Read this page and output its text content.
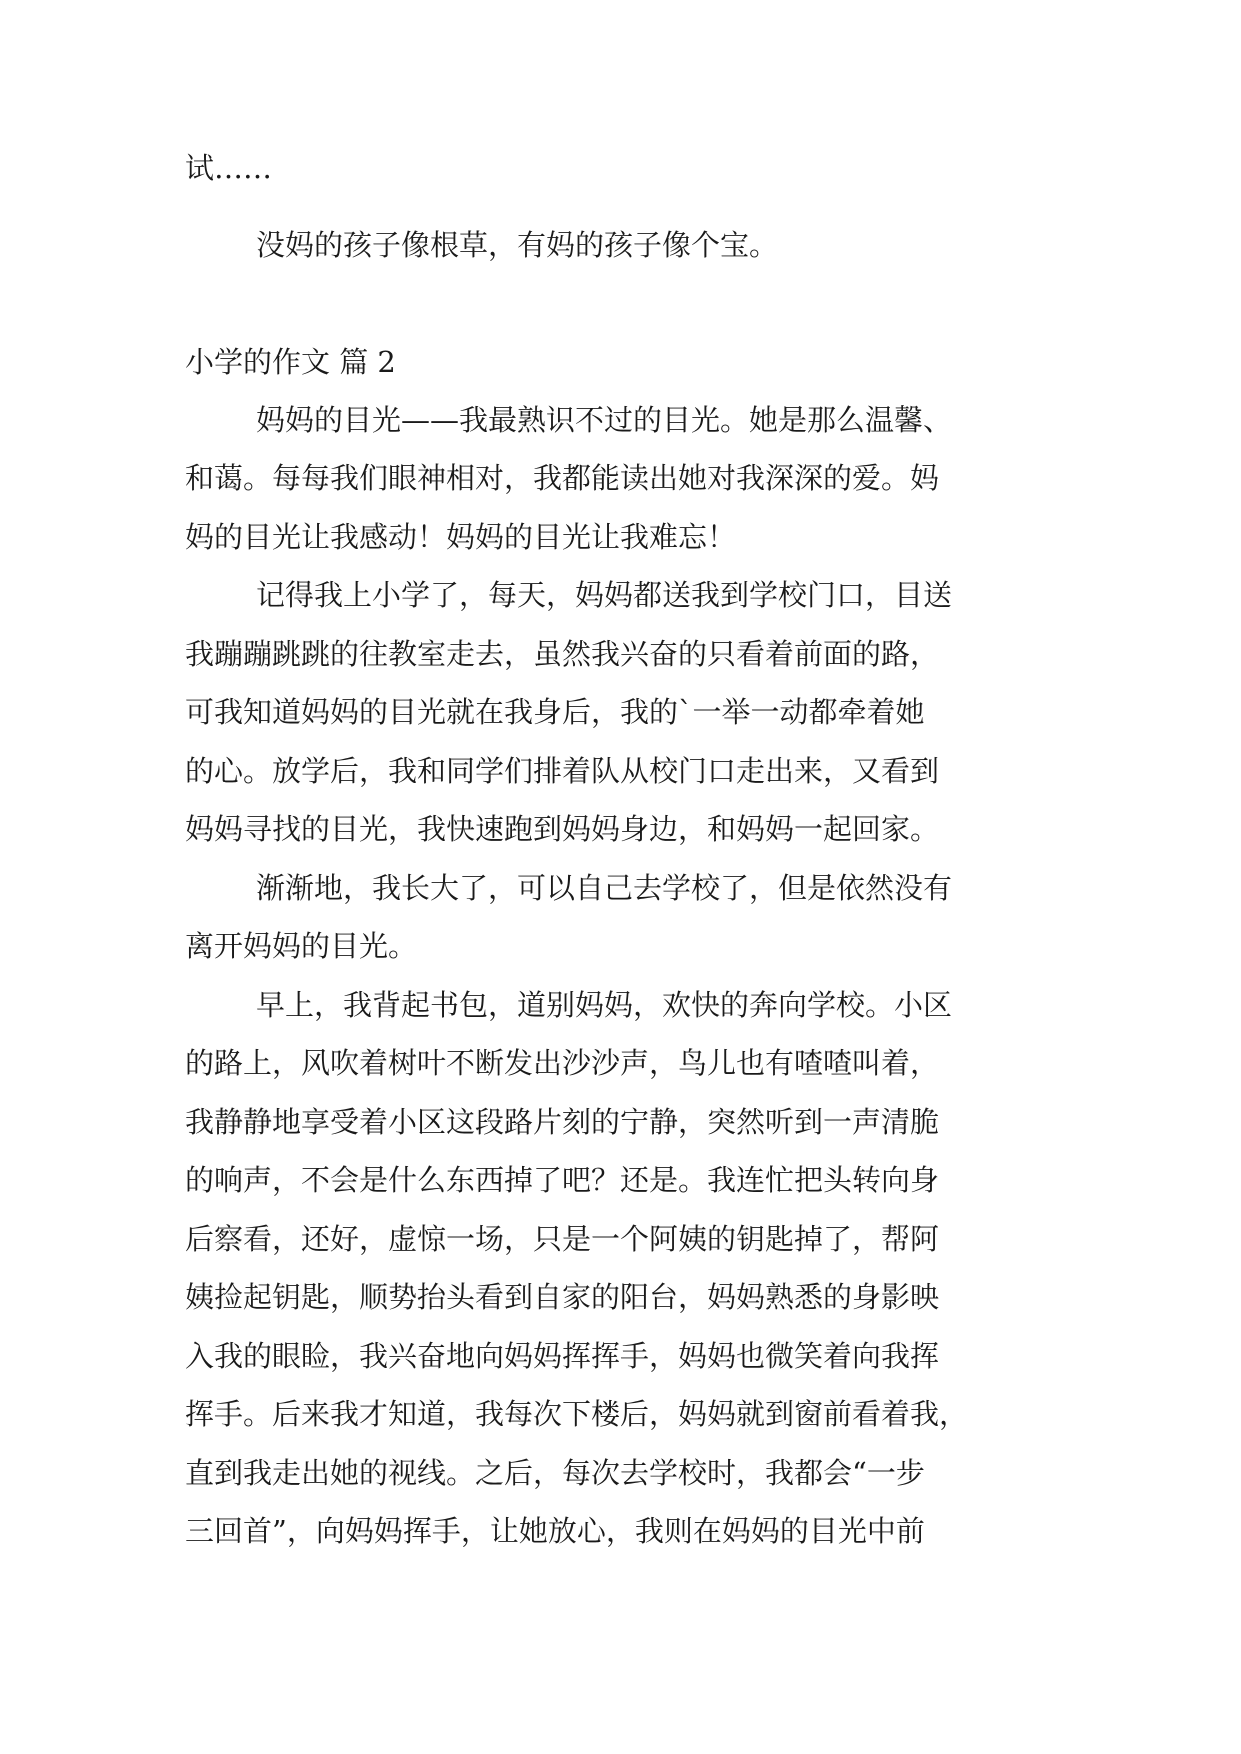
试……
没妈的孩子像根草，有妈的孩子像个宝。
小学的作文 篇 2
妈妈的目光——我最熟识不过的目光。她是那么温馨、
和蔼。每每我们眼神相对，我都能读出她对我深深的爱。妈
妈的目光让我感动！妈妈的目光让我难忘！
记得我上小学了，每天，妈妈都送我到学校门口，目送
我蹦蹦跳跳的往教室走去，虽然我兴奋的只看着前面的路，
可我知道妈妈的目光就在我身后，我的`一举一动都牵着她
的心。放学后，我和同学们排着队从校门口走出来，又看到
妈妈寻找的目光，我快速跑到妈妈身边，和妈妈一起回家。
渐渐地，我长大了，可以自己去学校了，但是依然没有
离开妈妈的目光。
早上，我背起书包，道别妈妈，欢快的奔向学校。小区
的路上，风吹着树叶不断发出沙沙声，鸟儿也有喳喳叫着，
我静静地享受着小区这段路片刻的宁静，突然听到一声清脆
的响声，不会是什么东西掉了吧？还是。我连忙把头转向身
后察看，还好，虚惊一场，只是一个阿姨的钥匙掉了，帮阿
姨捡起钥匙，顺势抬头看到自家的阳台，妈妈熟悉的身影映
入我的眼睑，我兴奋地向妈妈挥挥手，妈妈也微笑着向我挥
挥手。后来我才知道，我每次下楼后，妈妈就到窗前看着我，
直到我走出她的视线。之后，每次去学校时，我都会“一步
三回首”，向妈妈挥手，让她放心，我则在妈妈的目光中前
